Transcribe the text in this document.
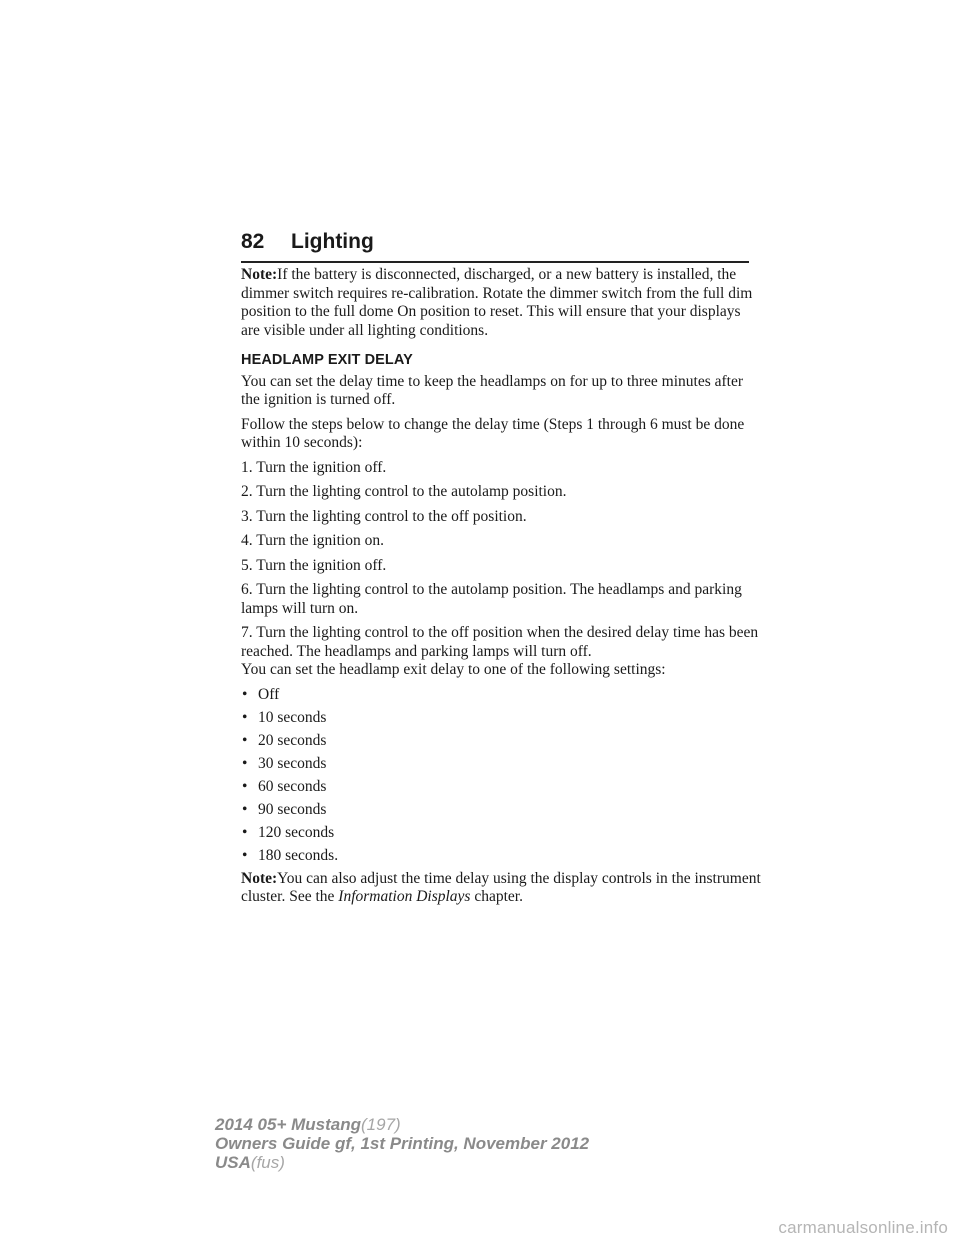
82 Lighting

Note:If the battery is disconnected, discharged, or a new battery is installed, the dimmer switch requires re-calibration. Rotate the dimmer switch from the full dim position to the full dome On position to reset. This will ensure that your displays are visible under all lighting conditions.

HEADLAMP EXIT DELAY

You can set the delay time to keep the headlamps on for up to three minutes after the ignition is turned off.

Follow the steps below to change the delay time (Steps 1 through 6 must be done within 10 seconds):

1. Turn the ignition off.

2. Turn the lighting control to the autolamp position.

3. Turn the lighting control to the off position.

4. Turn the ignition on.

5. Turn the ignition off.

6. Turn the lighting control to the autolamp position. The headlamps and parking lamps will turn on.

7. Turn the lighting control to the off position when the desired delay time has been reached. The headlamps and parking lamps will turn off.

You can set the headlamp exit delay to one of the following settings:

• Off
• 10 seconds
• 20 seconds
• 30 seconds
• 60 seconds
• 90 seconds
• 120 seconds
• 180 seconds.

Note:You can also adjust the time delay using the display controls in the instrument cluster. See the Information Displays chapter.

2014 05+ Mustang(197)
Owners Guide gf, 1st Printing, November 2012
USA(fus)
carmanualsonline.info
